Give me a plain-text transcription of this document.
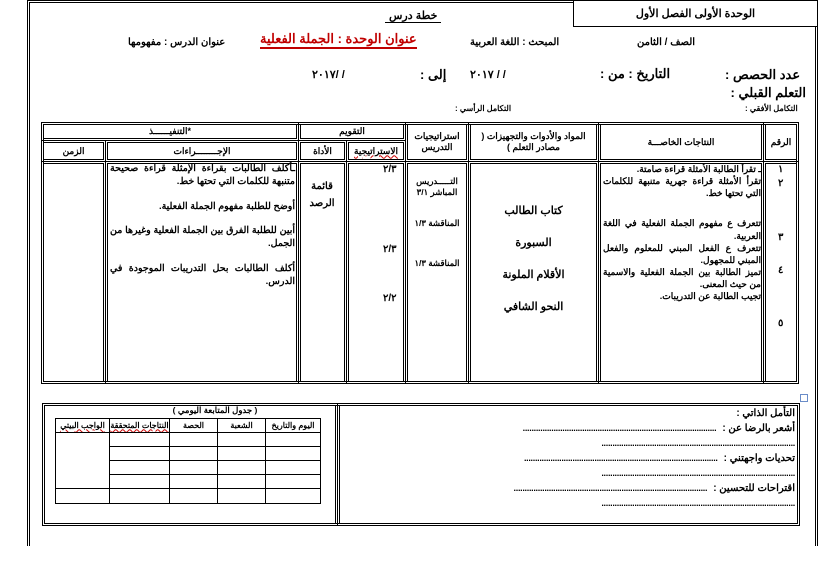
الوحدة الأولى الفصل الأول
خطة درس
الصف / الثامن
المبحث : اللغة العربية
عنوان الوحدة : الجملة الفعلية
عنوان الدرس : مفهومها
عدد الحصص :
التاريخ : من :
/ / ٢٠١٧
إلى :
/ /٢٠١٧
التعلم القبلي :
التكامل الأفقي :
التكامل الرأسي :
الرقم
النتاجات الخاصـــة
المواد والأدوات والتجهيزات ( مصادر التعلم )
استراتيجيات التدريس
التقويم
الاستراتيجية
الأداة
*التنفيــــــذ
الإجــــــــراءات
الزمن
١
٢
٣
٤
٥
ـ تقرأ الطالبة الأمثلة قراءة صامتة.
تقرأ الأمثلة قراءة جهرية متنبهة للكلمات التي تحتها خط.
تتعرف ع مفهوم الجملة الفعلية في اللغة العربية.
تتعرف ع الفعل المبني للمعلوم والفعل المبني للمجهول.
تميز الطالبة بين الجملة الفعلية والاسمية من حيث المعنى.
تجيب الطالبة عن التدريبات.
كتاب الطالب
السبورة
الأقلام الملونة
النحو الشافي
التـــــدريس المباشر ٣/١
المناقشة ١/٣
المناقشة ١/٣
٢/٣
٢/٣
٢/٢
قائمة الرصد
ـأكلف الطالبات بقراءة الإمثلة قراءة صحيحة متنبهة للكلمات التي تحتها خط.
أوضح للطلبة مفهوم الجملة الفعلية.
أبين للطلبة الفرق بين الجملة الفعلية وغيرها من الجمل.
أكلف الطالبات بحل التدريبات الموجودة في الدرس.
التأمل الذاتي :
أشعر بالرضا عن :
........................................................................................
........................................................................................
تحديات واجهتني :
........................................................................................
........................................................................................
اقتراحات للتحسين :
........................................................................................
........................................................................................
( جدول المتابعة اليومي )
اليوم والتاريخ
الشعبة
الحصة
النتاجات المتحققة
الواجب البيتي
